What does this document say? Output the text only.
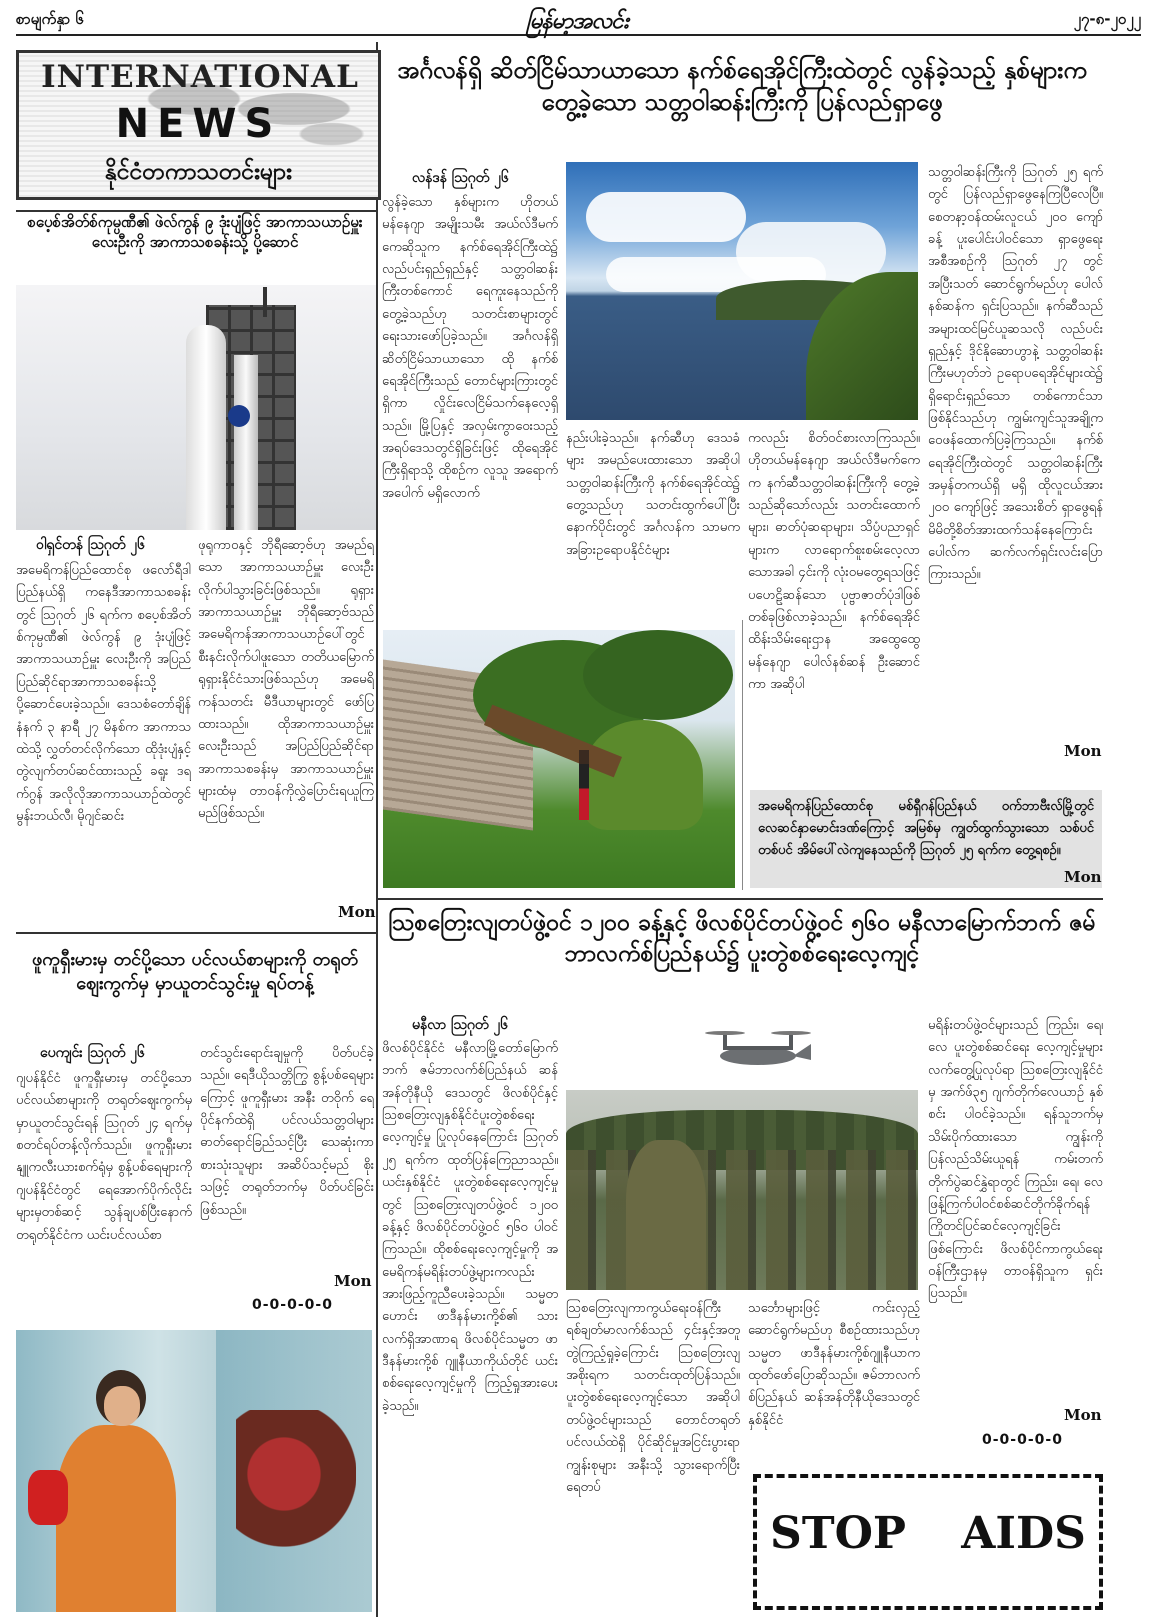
စာမျက်နှာ ၆	မြန်မာ့အလင်း	၂၇-၈-၂၀၂၂
INTERNATIONAL
NEWS
နိုင်ငံတကာသတင်းများ
စပေ့စ်အိတ်စ်ကုမ္ပဏီ၏ ဖဲလ်ကွန် ၉ ဒုံးပျံဖြင့် အာကာသယာဉ်မှူး လေးဦးကို အာကာသစခန်းသို့ ပို့ဆောင်
ဝါရှင်တန် ဩဂုတ် ၂၆
အမေရိကန်ပြည်ထောင်စု ဖလော်ရီဒါပြည်နယ်ရှိ ကနေဒီအာကာသစခန်းတွင် ဩဂုတ် ၂၆ ရက်က စပေ့စ်အိတ်စ်ကုမ္ပဏီ၏ ဖဲလ်ကွန် ၉ ဒုံးပျံဖြင့် အာကာသယာဉ်မှူး လေးဦးကို အပြည်ပြည်ဆိုင်ရာအာကာသစခန်းသို့ ပို့ဆောင်ပေးခဲ့သည်။ ဒေသစံတော်ချိန် နံနက် ၃ နာရီ ၂၇ မိနစ်က အာကာသထဲသို့ လွှတ်တင်လိုက်သော ထိုဒုံးပျံနှင့် တွဲလျက်တပ်ဆင်ထားသည့် ခရူး ဒရက်ဂွန် အလိုလိုအာကာသယာဉ်ထဲတွင် မွန်းဘယ်လီ၊ မိုဂျင်ဆင်း
ဖုရုကာဝနှင့် ဘိုရီဆော့ဗ်ဟု အမည်ရသော အာကာသယာဉ်မှူး လေးဦးလိုက်ပါသွားခြင်းဖြစ်သည်။ ရုရှားအာကာသယာဉ်မှူး ဘိုရီဆော့ဗ်သည် အမေရိကန်အာကာသယာဉ်ပေါ်တွင် စီးနင်းလိုက်ပါဖူးသော တတိယမြောက် ရုရှားနိုင်ငံသားဖြစ်သည်ဟု အမေရိကန်သတင်း မီဒီယာများတွင် ဖော်ပြထားသည်။ ထိုအာကာသယာဉ်မှူး လေးဦးသည် အပြည်ပြည်ဆိုင်ရာ အာကာသစခန်းမှ အာကာသယာဉ်မှူးများထံမှ တာဝန်ကိုလွှဲပြောင်းရယူကြမည်ဖြစ်သည်။
Mon
အင်္ဂလန်ရှိ ဆိတ်ငြိမ်သာယာသော နက်စ်ရေအိုင်ကြီးထဲတွင် လွန်ခဲ့သည့် နှစ်များကတွေ့ခဲ့သော သတ္တဝါဆန်းကြီးကို ပြန်လည်ရှာဖွေ
လန်ဒန် ဩဂုတ် ၂၆
လွန်ခဲ့သော နှစ်များက ဟိုတယ်မန်နေဂျာ အမျိုးသမီး အယ်လ်ဒီမက်ကေဆိုသူက နက်စ်ရေအိုင်ကြီးထဲ၌ လည်ပင်းရှည်ရှည်နှင့် သတ္တဝါဆန်းကြီးတစ်ကောင် ရေကူးနေသည်ကို တွေ့ခဲ့သည်ဟု သတင်းစာများတွင် ရေးသားဖော်ပြခဲ့သည်။ အင်္ဂလန်ရှိ ဆိတ်ငြိမ်သာယာသော ထို နက်စ်ရေအိုင်ကြီးသည် တောင်များကြားတွင်ရှိကာ လှိုင်းလေငြိမ်သက်နေလေ့ရှိသည်။ မြို့ပြနှင့် အလှမ်းကွာဝေးသည့် အရပ်ဒေသတွင်ရှိခြင်းဖြင့် ထိုရေအိုင်ကြီးရှိရာသို့ ထိုစဉ်က လူသူ အရောက်အပေါက် မရှိလောက်
နည်းပါးခဲ့သည်။ နက်ဆီဟု ဒေသခံများ အမည်ပေးထားသော အဆိုပါ သတ္တဝါဆန်းကြီးကို နက်စ်ရေအိုင်ထဲ၌ တွေ့သည်ဟု သတင်းထွက်ပေါ်ပြီးနောက်ပိုင်းတွင် အင်္ဂလန်က သာမက အခြားဥရောပနိုင်ငံများ
ကလည်း စိတ်ဝင်စားလာကြသည်။ ဟိုတယ်မန်နေဂျာ အယ်လ်ဒီမက်ကေက နက်ဆီသတ္တဝါဆန်းကြီးကို တွေ့ခဲ့သည်ဆိုသော်လည်း သတင်းထောက်များ၊ ဓာတ်ပုံဆရာများ၊ သိပ္ပံပညာရှင်များက လာရောက်စူးစမ်းလေ့လာသောအခါ ၄င်းကို လုံးဝမတွေ့ရသဖြင့် ပဟေဠိဆန်သော ပုဗ္ဗာဇာတ်ပုံဒါဖြစ်တစ်ခုဖြစ်လာခဲ့သည်။ နက်စ်ရေအိုင် ထိန်းသိမ်းရေးဌာန အထွေထွေမန်နေဂျာ ပေါလ်နစ်ဆန် ဦးဆောင်ကာ အဆိုပါ
သတ္တဝါဆန်းကြီးကို ဩဂုတ် ၂၅ ရက်တွင် ပြန်လည်ရှာဖွေနေကြပြီလေပြီ။ စေတနာ့ဝန်ထမ်းလူငယ် ၂၀၀ ကျော်ခန့် ပူးပေါင်းပါဝင်သော ရှာဖွေရေးအစီအစဉ်ကို ဩဂုတ် ၂၇ တွင် အပြီးသတ် ဆောင်ရွက်မည်ဟု ပေါလ်နစ်ဆန်က ရှင်းပြသည်။ နက်ဆီသည် အများထင်မြင်ယူဆသလို လည်ပင်းရှည်နှင့် ဒိုင်နိုဆောဟွာနဲ့ သတ္တဝါဆန်းကြီးမဟုတ်ဘဲ ဥရောပရေအိုင်များထဲ၌ ရှိရောင်းရှည်သော တစ်ကောင်သာ ဖြစ်နိုင်သည်ဟု ကျွမ်းကျင်သူအချို့က ဝေဖန်ထောက်ပြခဲ့ကြသည်။ နက်စ်ရေအိုင်ကြီးထဲတွင် သတ္တဝါဆန်းကြီး အမှန်တကယ်ရှိ မရှိ ထိုလူငယ်အား ၂၀၀ ကျော်ဖြင့် အသေးစိတ် ရှာဖွေရန် မိမိတို့စိတ်အားထက်သန်နေကြောင်း ပေါလ်က ဆက်လက်ရှင်းလင်းပြောကြားသည်။
Mon
အမေရိကန်ပြည်ထောင်စု မစ်ရှီဂန်ပြည်နယ် ဝက်ဘာဗီးလ်မြို့တွင် လေဆင်နှာမောင်းဒဏ်ကြောင့် အမြစ်မှ ကျွတ်ထွက်သွားသော သစ်ပင်တစ်ပင် အိမ်ပေါ်လဲကျနေသည်ကို ဩဂုတ် ၂၅ ရက်က တွေ့ရစဉ်။
Mon
ဖူကူရှီးမားမှ တင်ပို့သော ပင်လယ်စာများကို တရုတ်ဈေးကွက်မှ မှာယူတင်သွင်းမှု ရပ်တန့်
ပေကျင်း ဩဂုတ် ၂၆
ဂျပန်နိုင်ငံ ဖူကူရှီးမားမှ တင်ပို့သော ပင်လယ်စာများကို တရုတ်ဈေးကွက်မှ မှာယူတင်သွင်းရန် ဩဂုတ် ၂၄ ရက်မှ စတင်ရပ်တန့်လိုက်သည်။ ဖူကူရှီးမား နျူကလီးယားစက်ရုံမှ စွန့်ပစ်ရေများကို ဂျပန်နိုင်ငံတွင် ရေအောက်ပိုက်လိုင်းများမှတစ်ဆင့် သွန်ချပစ်ပြီးနောက် တရုတ်နိုင်ငံက ယင်းပင်လယ်စာ
တင်သွင်းရောင်းချမှုကို ပိတ်ပင်ခဲ့သည်။ ရေဒီယိုသတ္တိကြွ စွန့်ပစ်ရေများကြောင့် ဖူကူရှီးမား အနီး တဝိုက် ရေပိုင်နက်ထဲရှိ ပင်လယ်သတ္တဝါများ ဓာတ်ရောင်ခြည်သင့်ပြီး သေဆုံးကာ စားသုံးသူများ အဆိပ်သင့်မည် စိုးသဖြင့် တရုတ်ဘက်မှ ပိတ်ပင်ခြင်းဖြစ်သည်။
Mon
0-0-0-0-0
သြစတြေးလျတပ်ဖွဲ့ဝင် ၁၂၀၀ ခန့်နှင့် ဖိလစ်ပိုင်တပ်ဖွဲ့ဝင် ၅၆၀ မနီလာမြောက်ဘက် ဇမ်ဘာလက်စ်ပြည်နယ်၌ ပူးတွဲစစ်ရေးလေ့ကျင့်
မနီလာ ဩဂုတ် ၂၆
ဖိလစ်ပိုင်နိုင်ငံ မနီလာမြို့တော်မြောက်ဘက် ဇမ်ဘာလက်စ်ပြည်နယ် ဆန်အန်တိုနီယို ဒေသတွင် ဖိလစ်ပိုင်နှင့် သြစတြေးလျနှစ်နိုင်ငံပူးတွဲစစ်ရေးလေ့ကျင့်မှု ပြုလုပ်နေကြောင်း ဩဂုတ် ၂၅ ရက်က ထုတ်ပြန်ကြေညာသည်။ ယင်းနှစ်နိုင်ငံ ပူးတွဲစစ်ရေးလေ့ကျင့်မှုတွင် သြစတြေးလျတပ်ဖွဲ့ဝင် ၁၂၀၀ ခန့်နှင့် ဖိလစ်ပိုင်တပ်ဖွဲ့ဝင် ၅၆၀ ပါဝင်ကြသည်။ ထိုစစ်ရေးလေ့ကျင့်မှုကို အမေရိကန်မရိန်းတပ်ဖွဲ့များကလည်း အားဖြည့်ကူညီပေးခဲ့သည်။ သမ္မတဟောင်း ဖာဒီနန်မားကို့စ်၏ သား လက်ရှိအာဏာရ ဖိလစ်ပိုင်သမ္မတ ဖာဒီနန်မားကို့စ် ဂျူနီယာကိုယ်တိုင် ယင်းစစ်ရေးလေ့ကျင့်မှုကို ကြည့်ရှုအားပေးခဲ့သည်။
သြစတြေးလျကာကွယ်ရေးဝန်ကြီး ရစ်ချတ်မာလက်စ်သည် ၄င်းနှင့်အတူ တွဲကြည့်ရှုခဲ့ကြောင်း သြစတြေးလျအစိုးရက သတင်းထုတ်ပြန်သည်။ ပူးတွဲစစ်ရေးလေ့ကျင့်သော အဆိုပါ တပ်ဖွဲ့ဝင်များသည် တောင်တရုတ်ပင်လယ်ထဲရှိ ပိုင်ဆိုင်မှုအငြင်းပွားရာ ကျွန်းစုများ အနီးသို့ သွားရောက်ပြီး ရေတပ်
သင်္ဘောများဖြင့် ကင်းလှည့်ဆောင်ရွက်မည်ဟု စီစဉ်ထားသည်ဟု သမ္မတ ဖာဒီနန်မားကို့စ်ဂျူနီယာက ထုတ်ဖော်ပြောဆိုသည်။ ဇမ်ဘာလက်စ်ပြည်နယ် ဆန်အန်တိုနီယိုဒေသတွင် နှစ်နိုင်ငံ
မရိန်းတပ်ဖွဲ့ဝင်များသည် ကြည်း၊ ရေ၊ လေ ပူးတွဲစစ်ဆင်ရေး လေ့ကျင့်မှုများ လက်တွေ့ပြုလုပ်ရာ သြစတြေးလျနိုင်ငံမှ အက်ဖ်၃၅ ဂျက်တိုက်လေယာဉ် နှစ်စင်း ပါဝင်ခဲ့သည်။ ရန်သူဘက်မှ သိမ်းပိုက်ထားသော ကျွန်းကို ပြန်လည်သိမ်းယူရန် ကမ်းတက်တိုက်ပွဲဆင်နွှဲရာတွင် ကြည်း၊ ရေ၊ လေ ဖြန့်ကြက်ပါဝင်စစ်ဆင်တိုက်ခိုက်ရန် ကြိုတင်ပြင်ဆင်လေ့ကျင့်ခြင်းဖြစ်ကြောင်း ဖိလစ်ပိုင်ကာကွယ်ရေးဝန်ကြီးဌာနမှ တာဝန်ရှိသူက ရှင်းပြသည်။
Mon
0-0-0-0-0
STOP AIDS
